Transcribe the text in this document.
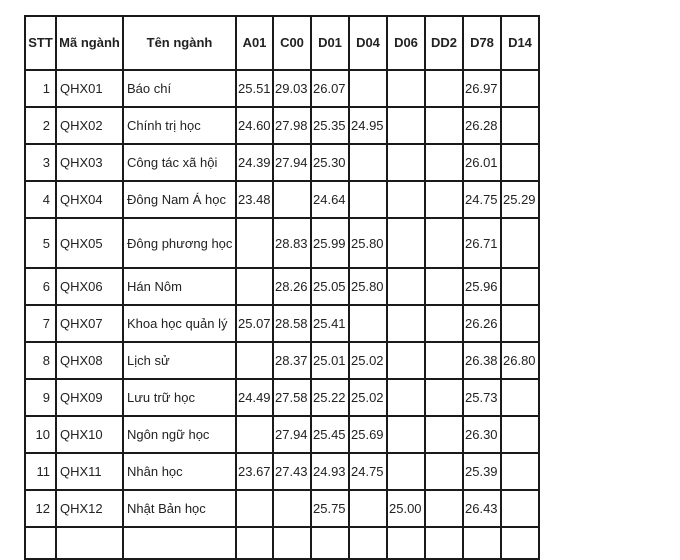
STT	Mã ngành	Tên ngành	A01	C00	D01	D04	D06	DD2	D78	D14
1	QHX01	Báo chí	25.51	29.03	26.07				26.97	
2	QHX02	Chính trị học	24.60	27.98	25.35	24.95			26.28	
3	QHX03	Công tác xã hội	24.39	27.94	25.30				26.01	
4	QHX04	Đông Nam Á học	23.48		24.64				24.75	25.29
5	QHX05	Đông phương học		28.83	25.99	25.80			26.71	
6	QHX06	Hán Nôm		28.26	25.05	25.80			25.96	
7	QHX07	Khoa học quản lý	25.07	28.58	25.41				26.26	
8	QHX08	Lịch sử		28.37	25.01	25.02			26.38	26.80
9	QHX09	Lưu trữ học	24.49	27.58	25.22	25.02			25.73	
10	QHX10	Ngôn ngữ học		27.94	25.45	25.69			26.30	
11	QHX11	Nhân học	23.67	27.43	24.93	24.75			25.39	
12	QHX12	Nhật Bản học			25.75		25.00		26.43	
